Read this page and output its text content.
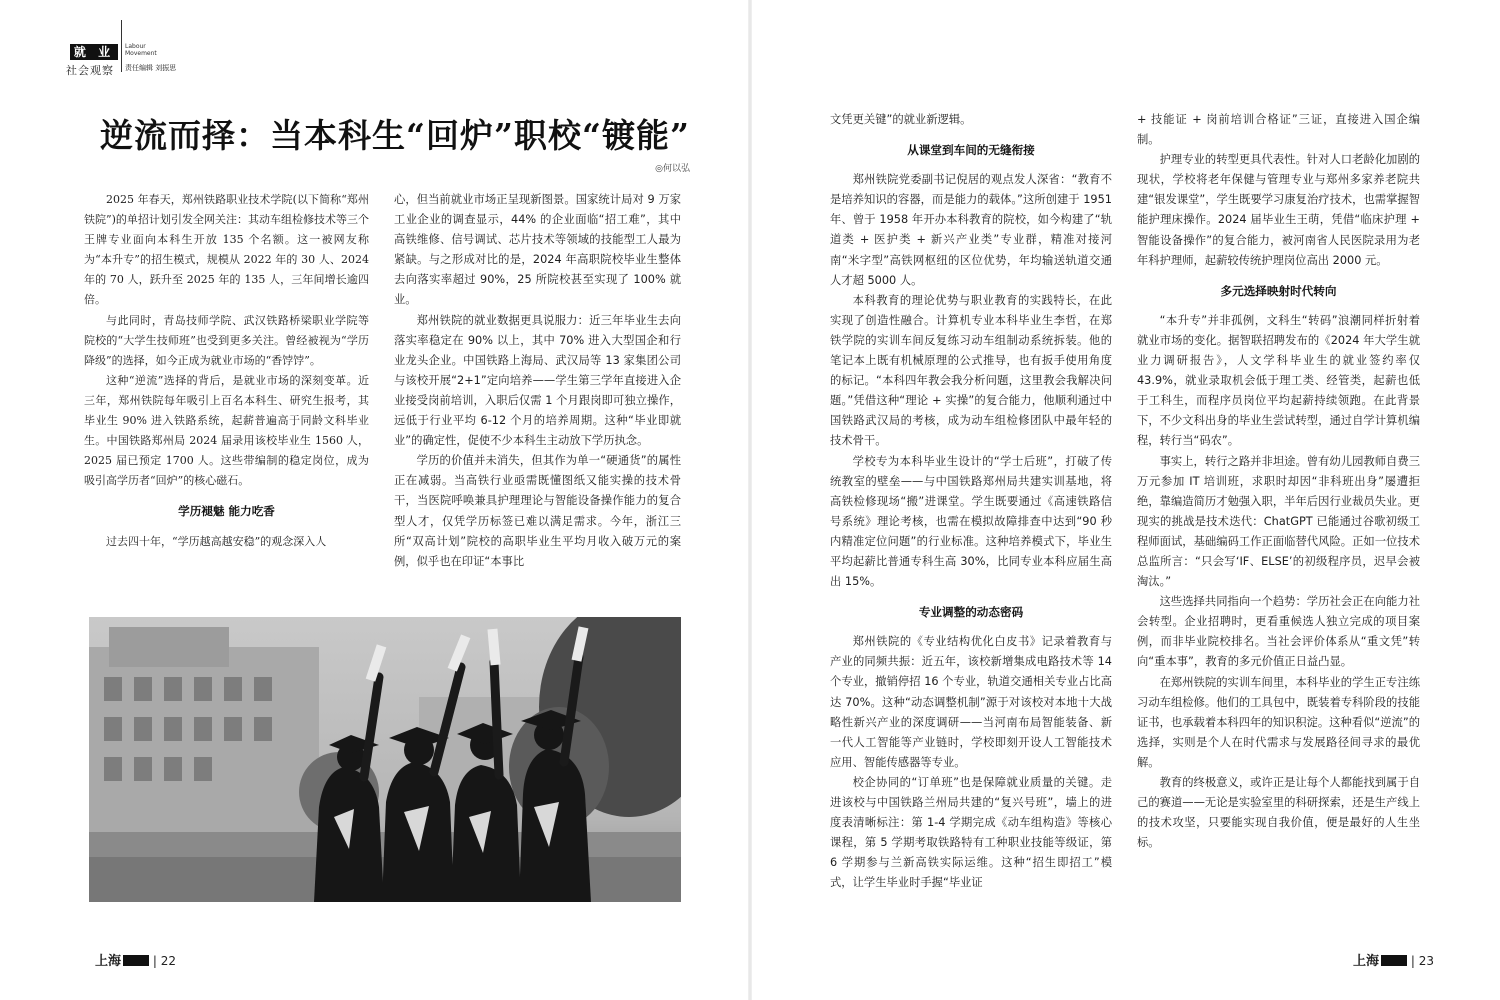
就 业
社会观察
Labour Movement
责任编辑 刘振思
逆流而择：当本科生“回炉”职校“镀能”
◎何以弘

2025 年春天，郑州铁路职业技术学院(以下简称“郑州铁院”)的单招计划引发全网关注：其动车组检修技术等三个王牌专业面向本科生开放 135 个名额。这一被网友称为“本升专”的招生模式，规模从 2022 年的 30 人、2024 年的 70 人，跃升至 2025 年的 135 人，三年间增长逾四倍。

与此同时，青岛技师学院、武汉铁路桥梁职业学院等院校的“大学生技师班”也受到更多关注。曾经被视为“学历降级”的选择，如今正成为就业市场的“香饽饽”。

这种“逆流”选择的背后，是就业市场的深刻变革。近三年，郑州铁院每年吸引上百名本科生、研究生报考，其毕业生 90% 进入铁路系统，起薪普遍高于同龄文科毕业生。中国铁路郑州局 2024 届录用该校毕业生 1560 人，2025 届已预定 1700 人。这些带编制的稳定岗位，成为吸引高学历者“回炉”的核心磁石。

学历褪魅 能力吃香

过去四十年，“学历越高越安稳”的观念深入人

心，但当前就业市场正呈现新图景。国家统计局对 9 万家工业企业的调查显示，44% 的企业面临“招工难”，其中高铁维修、信号调试、芯片技术等领域的技能型工人最为紧缺。与之形成对比的是，2024 年高职院校毕业生整体去向落实率超过 90%，25 所院校甚至实现了 100% 就业。

郑州铁院的就业数据更具说服力：近三年毕业生去向落实率稳定在 90% 以上，其中 70% 进入大型国企和行业龙头企业。中国铁路上海局、武汉局等 13 家集团公司与该校开展“2+1”定向培养——学生第三学年直接进入企业接受岗前培训，入职后仅需 1 个月跟岗即可独立操作，远低于行业平均 6-12 个月的培养周期。这种“毕业即就业”的确定性，促使不少本科生主动放下学历执念。

学历的价值并未消失，但其作为单一“硬通货”的属性正在减弱。当高铁行业亟需既懂图纸又能实操的技术骨干，当医院呼唤兼具护理理论与智能设备操作能力的复合型人才，仅凭学历标签已难以满足需求。今年，浙江三所“双高计划”院校的高职毕业生平均月收入破万元的案例，似乎也在印证“本事比

上海	| 22

文凭更关键”的就业新逻辑。

从课堂到车间的无缝衔接

郑州铁院党委副书记倪居的观点发人深省：“教育不是培养知识的容器，而是能力的载体。”这所创建于 1951 年、曾于 1958 年开办本科教育的院校，如今构建了“轨道类 + 医护类 + 新兴产业类”专业群，精准对接河南“米字型”高铁网枢纽的区位优势，年均输送轨道交通人才超 5000 人。

本科教育的理论优势与职业教育的实践特长，在此实现了创造性融合。计算机专业本科毕业生李哲，在郑铁学院的实训车间反复练习动车组制动系统拆装。他的笔记本上既有机械原理的公式推导，也有扳手使用角度的标记。“本科四年教会我分析问题，这里教会我解决问题。”凭借这种“理论 + 实操”的复合能力，他顺利通过中国铁路武汉局的考核，成为动车组检修团队中最年轻的技术骨干。

学校专为本科毕业生设计的“学士后班”，打破了传统教室的壁垒——与中国铁路郑州局共建实训基地，将高铁检修现场“搬”进课堂。学生既要通过《高速铁路信号系统》理论考核，也需在模拟故障排查中达到“90 秒内精准定位问题”的行业标准。这种培养模式下，毕业生平均起薪比普通专科生高 30%，比同专业本科应届生高出 15%。

专业调整的动态密码

郑州铁院的《专业结构优化白皮书》记录着教育与产业的同频共振：近五年，该校新增集成电路技术等 14 个专业，撤销停招 16 个专业，轨道交通相关专业占比高达 70%。这种“动态调整机制”源于对该校对本地十大战略性新兴产业的深度调研——当河南布局智能装备、新一代人工智能等产业链时，学校即刻开设人工智能技术应用、智能传感器等专业。

校企协同的“订单班”也是保障就业质量的关键。走进该校与中国铁路兰州局共建的“复兴号班”，墙上的进度表清晰标注：第 1-4 学期完成《动车组构造》等核心课程，第 5 学期考取铁路特有工种职业技能等级证，第 6 学期参与兰新高铁实际运维。这种“招生即招工”模式，让学生毕业时手握“毕业证

+ 技能证 + 岗前培训合格证”三证，直接进入国企编制。

护理专业的转型更具代表性。针对人口老龄化加剧的现状，学校将老年保健与管理专业与郑州多家养老院共建“银发课堂”，学生既要学习康复治疗技术，也需掌握智能护理床操作。2024 届毕业生王萌，凭借“临床护理 + 智能设备操作”的复合能力，被河南省人民医院录用为老年科护理师，起薪较传统护理岗位高出 2000 元。

多元选择映射时代转向

“本升专”并非孤例，文科生“转码”浪潮同样折射着就业市场的变化。据智联招聘发布的《2024 年大学生就业力调研报告》，人文学科毕业生的就业签约率仅 43.9%，就业录取机会低于理工类、经管类，起薪也低于工科生，而程序员岗位平均起薪持续领跑。在此背景下，不少文科出身的毕业生尝试转型，通过自学计算机编程，转行当“码农”。

事实上，转行之路并非坦途。曾有幼儿园教师自费三万元参加 IT 培训班，求职时却因“非科班出身”屡遭拒绝，靠编造简历才勉强入职，半年后因行业裁员失业。更现实的挑战是技术迭代：ChatGPT 已能通过谷歌初级工程师面试，基础编码工作正面临替代风险。正如一位技术总监所言：“只会写‘IF、ELSE’的初级程序员，迟早会被淘汰。”

这些选择共同指向一个趋势：学历社会正在向能力社会转型。企业招聘时，更看重候选人独立完成的项目案例，而非毕业院校排名。当社会评价体系从“重文凭”转向“重本事”，教育的多元价值正日益凸显。

在郑州铁院的实训车间里，本科毕业的学生正专注练习动车组检修。他们的工具包中，既装着专科阶段的技能证书，也承载着本科四年的知识积淀。这种看似“逆流”的选择，实则是个人在时代需求与发展路径间寻求的最优解。

教育的终极意义，或许正是让每个人都能找到属于自己的赛道——无论是实验室里的科研探索，还是生产线上的技术攻坚，只要能实现自我价值，便是最好的人生坐标。

上海	| 23
